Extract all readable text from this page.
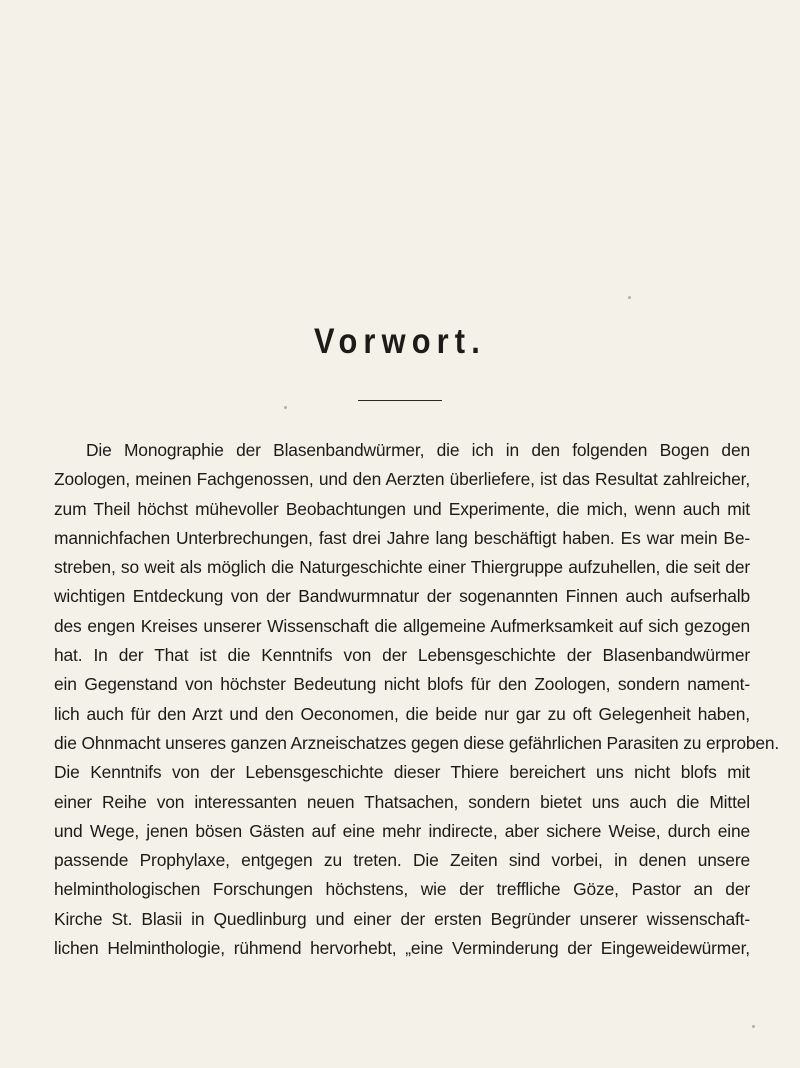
Vorwort.
Die Monographie der Blasenbandwürmer, die ich in den folgenden Bogen den
Zoologen, meinen Fachgenossen, und den Aerzten überliefere, ist das Resultat zahlreicher,
zum Theil höchst mühevoller Beobachtungen und Experimente, die mich, wenn auch mit
mannichfachen Unterbrechungen, fast drei Jahre lang beschäftigt haben. Es war mein Be-
streben, so weit als möglich die Naturgeschichte einer Thiergruppe aufzuhellen, die seit der
wichtigen Entdeckung von der Bandwurmnatur der sogenannten Finnen auch aufserhalb
des engen Kreises unserer Wissenschaft die allgemeine Aufmerksamkeit auf sich gezogen
hat. In der That ist die Kenntnifs von der Lebensgeschichte der Blasenbandwürmer
ein Gegenstand von höchster Bedeutung nicht blofs für den Zoologen, sondern nament-
lich auch für den Arzt und den Oeconomen, die beide nur gar zu oft Gelegenheit haben,
die Ohnmacht unseres ganzen Arzneischatzes gegen diese gefährlichen Parasiten zu erproben.
Die Kenntnifs von der Lebensgeschichte dieser Thiere bereichert uns nicht blofs mit
einer Reihe von interessanten neuen Thatsachen, sondern bietet uns auch die Mittel
und Wege, jenen bösen Gästen auf eine mehr indirecte, aber sichere Weise, durch eine
passende Prophylaxe, entgegen zu treten. Die Zeiten sind vorbei, in denen unsere
helminthologischen Forschungen höchstens, wie der treffliche Göze, Pastor an der
Kirche St. Blasii in Quedlinburg und einer der ersten Begründer unserer wissenschaft-
lichen Helminthologie, rühmend hervorhebt, „eine Verminderung der Eingeweidewürmer,
